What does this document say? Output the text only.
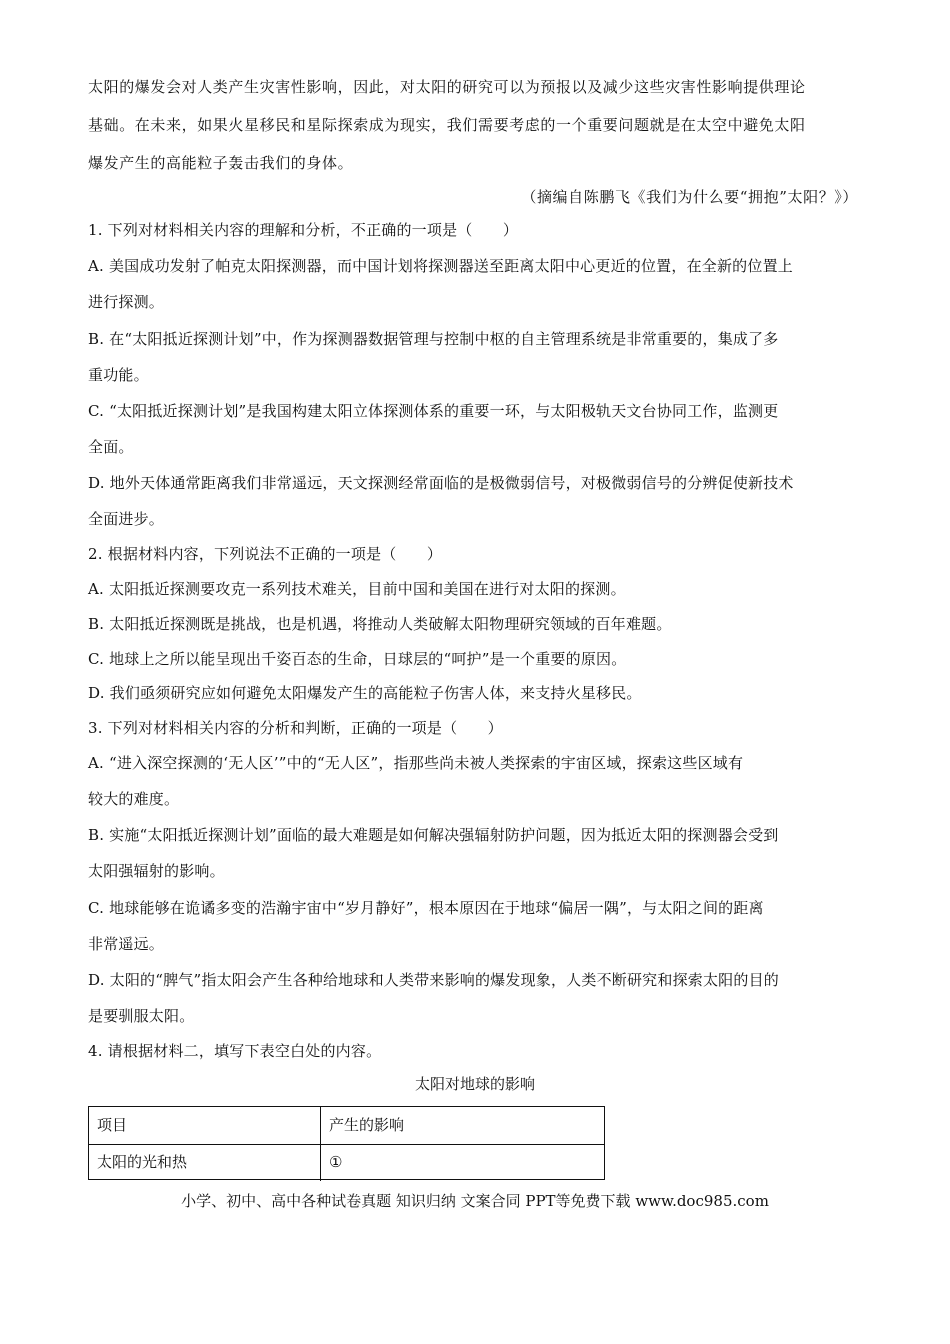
太阳的爆发会对人类产生灾害性影响，因此，对太阳的研究可以为预报以及减少这些灾害性影响提供理论
基础。在未来，如果火星移民和星际探索成为现实，我们需要考虑的一个重要问题就是在太空中避免太阳
爆发产生的高能粒子轰击我们的身体。
（摘编自陈鹏飞《我们为什么要“拥抱”太阳？》）
1. 下列对材料相关内容的理解和分析，不正确的一项是（　　）
A. 美国成功发射了帕克太阳探测器，而中国计划将探测器送至距离太阳中心更近的位置，在全新的位置上
进行探测。
B. 在“太阳抵近探测计划”中，作为探测器数据管理与控制中枢的自主管理系统是非常重要的，集成了多
重功能。
C. “太阳抵近探测计划”是我国构建太阳立体探测体系的重要一环，与太阳极轨天文台协同工作，监测更
全面。
D. 地外天体通常距离我们非常遥远，天文探测经常面临的是极微弱信号，对极微弱信号的分辨促使新技术
全面进步。
2. 根据材料内容，下列说法不正确的一项是（　　）
A. 太阳抵近探测要攻克一系列技术难关，目前中国和美国在进行对太阳的探测。
B. 太阳抵近探测既是挑战，也是机遇，将推动人类破解太阳物理研究领域的百年难题。
C. 地球上之所以能呈现出千姿百态的生命，日球层的“呵护”是一个重要的原因。
D. 我们亟须研究应如何避免太阳爆发产生的高能粒子伤害人体，来支持火星移民。
3. 下列对材料相关内容的分析和判断，正确的一项是（　　）
A. “进入深空探测的‘无人区’”中的“无人区”，指那些尚未被人类探索的宇宙区域，探索这些区域有
较大的难度。
B. 实施“太阳抵近探测计划”面临的最大难题是如何解决强辐射防护问题，因为抵近太阳的探测器会受到
太阳强辐射的影响。
C. 地球能够在诡谲多变的浩瀚宇宙中“岁月静好”，根本原因在于地球“偏居一隅”，与太阳之间的距离
非常遥远。
D. 太阳的“脾气”指太阳会产生各种给地球和人类带来影响的爆发现象，人类不断研究和探索太阳的目的
是要驯服太阳。
4. 请根据材料二，填写下表空白处的内容。
太阳对地球的影响
项目	产生的影响
太阳的光和热	①
小学、初中、高中各种试卷真题 知识归纳 文案合同 PPT等免费下载 www.doc985.com
